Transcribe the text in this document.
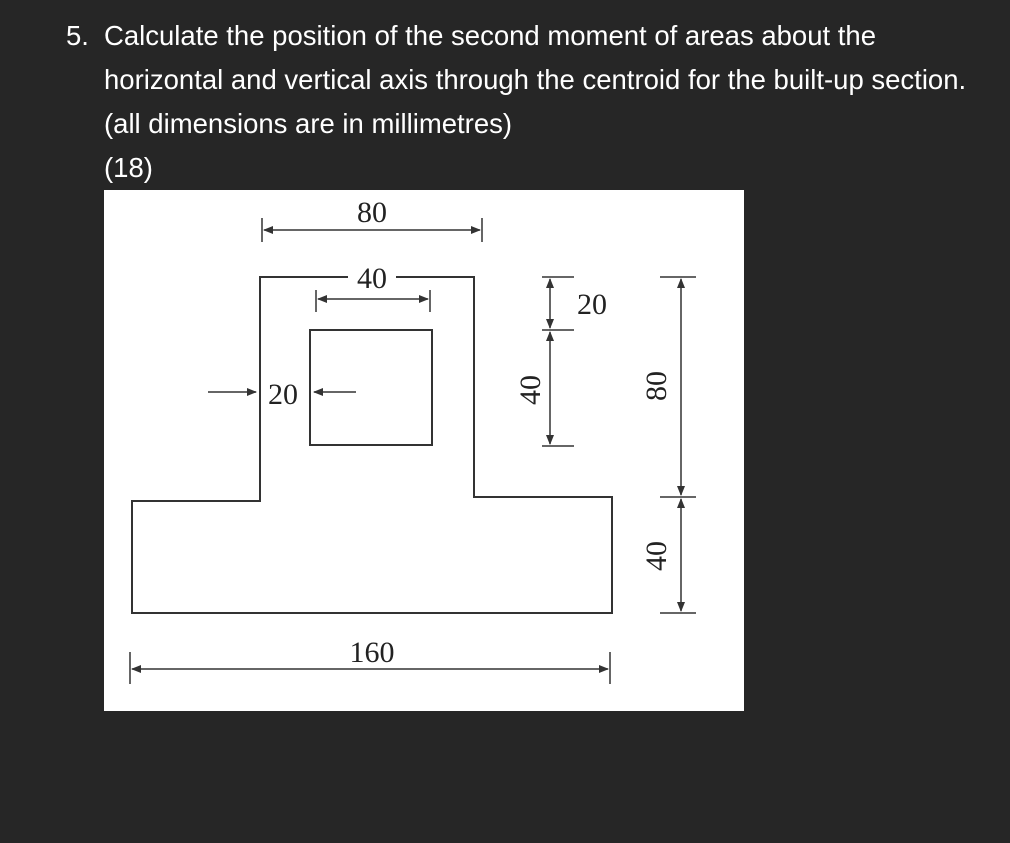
5. Calculate the position of the second moment of areas about the horizontal and vertical axis through the centroid for the built-up section. (all dimensions are in millimetres)
(18)
80
40
20
160
20
40	80
40
